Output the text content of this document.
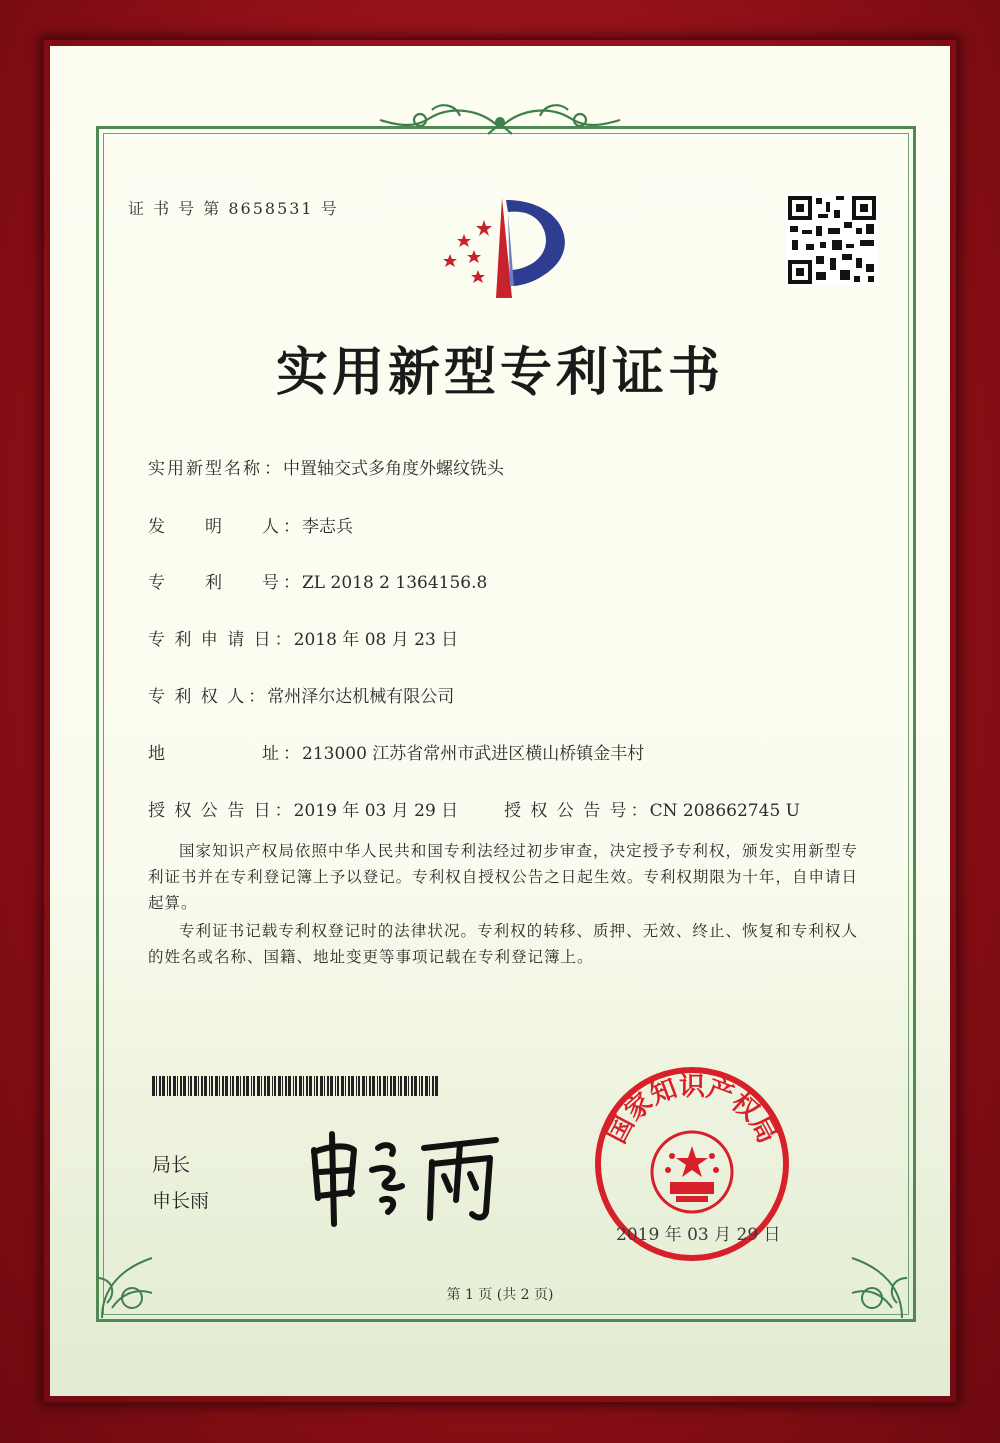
证 书 号 第 8658531 号
实用新型专利证书
实用新型名称 ： 中置轴交式多角度外螺纹铣头
发　　明　　人 ： 李志兵
专　　利　　号 ： ZL 2018 2 1364156.8
专 利 申 请 日 ： 2018 年 08 月 23 日
专 利 权 人 ： 常州泽尔达机械有限公司
地　　　　　址 ： 213000 江苏省常州市武进区横山桥镇金丰村
授 权 公 告 日 ： 2019 年 03 月 29 日	授 权 公 告 号 ： CN 208662745 U
国家知识产权局依照中华人民共和国专利法经过初步审查，决定授予专利权，颁发实用新型专利证书并在专利登记簿上予以登记。专利权自授权公告之日起生效。专利权期限为十年，自申请日起算。
专利证书记载专利权登记时的法律状况。专利权的转移、质押、无效、终止、恢复和专利权人的姓名或名称、国籍、地址变更等事项记载在专利登记簿上。
局长
申长雨
国家知识产权局
2019 年 03 月 29 日
第 1 页 (共 2 页)
